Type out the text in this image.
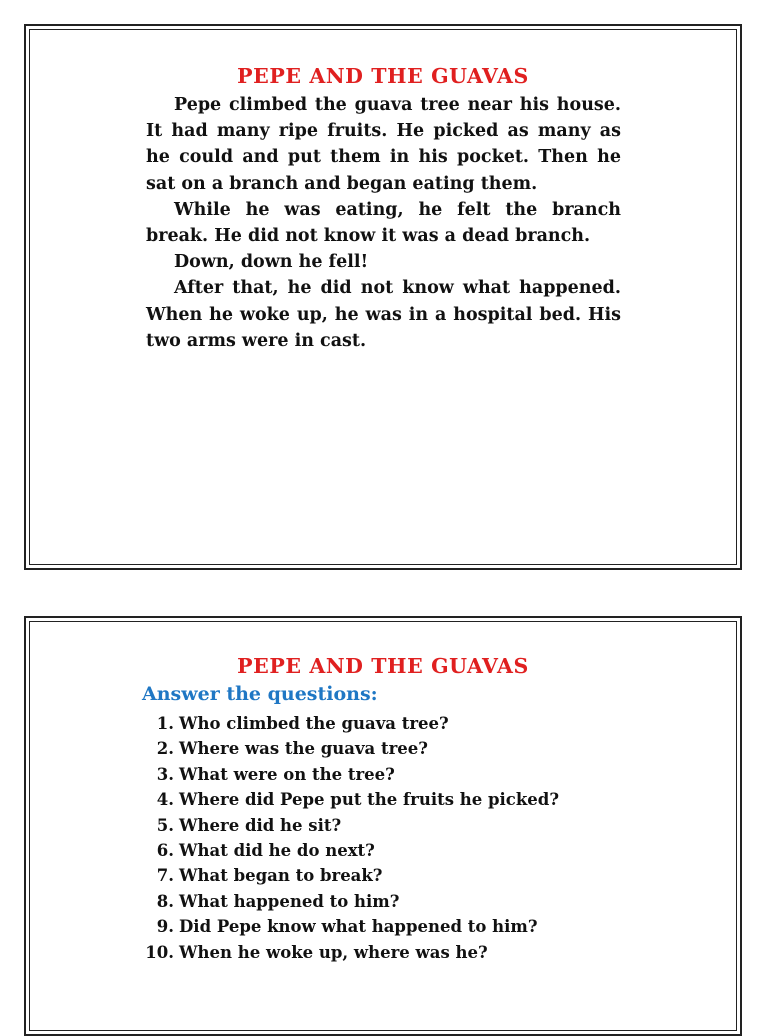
PEPE AND THE GUAVAS

Pepe climbed the guava tree near his house. It had many ripe fruits. He picked as many as he could and put them in his pocket. Then he sat on a branch and began eating them.

While he was eating, he felt the branch break. He did not know it was a dead branch.

Down, down he fell!

After that, he did not know what happened. When he woke up, he was in a hospital bed. His two arms were in cast.

PEPE AND THE GUAVAS
Answer the questions:
1. Who climbed the guava tree?
2. Where was the guava tree?
3. What were on the tree?
4. Where did Pepe put the fruits he picked?
5. Where did he sit?
6. What did he do next?
7. What began to break?
8. What happened to him?
9. Did Pepe know what happened to him?
10. When he woke up, where was he?
